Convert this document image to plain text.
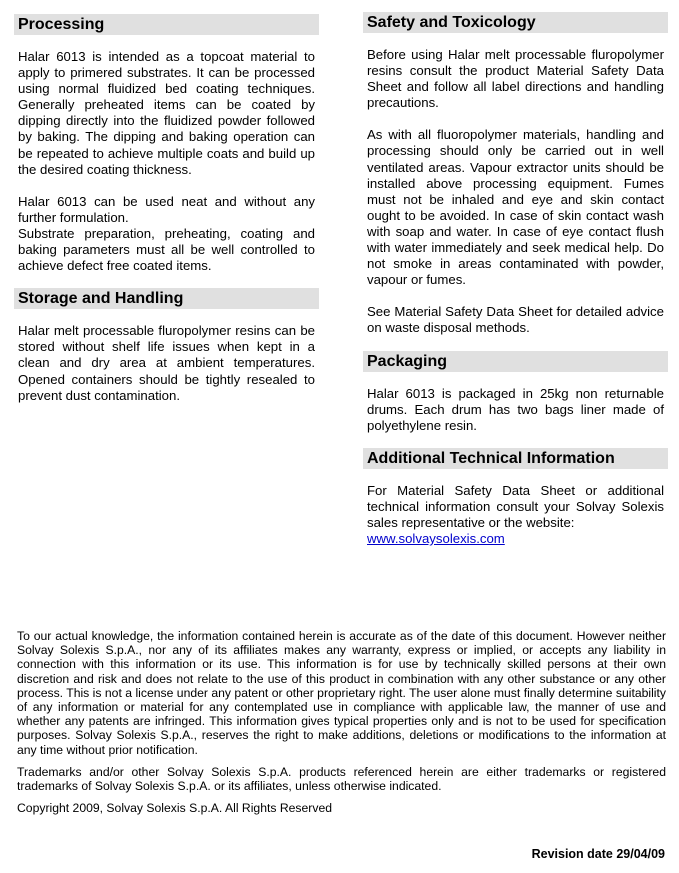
Processing

Halar 6013 is intended as a topcoat material to apply to primered substrates. It can be processed using normal fluidized bed coating techniques. Generally preheated items can be coated by dipping directly into the fluidized powder followed by baking. The dipping and baking operation can be repeated to achieve multiple coats and build up the desired coating thickness.

Halar 6013 can be used neat and without any further formulation.

Substrate preparation, preheating, coating and baking parameters must all be well controlled to achieve defect free coated items.

Storage and Handling

Halar melt processable fluropolymer resins can be stored without shelf life issues when kept in a clean and dry area at ambient temperatures. Opened containers should be tightly resealed to prevent dust contamination.

Safety and Toxicology

Before using Halar melt processable fluropolymer resins consult the product Material Safety Data Sheet and follow all label directions and handling precautions.

As with all fluoropolymer materials, handling and processing should only be carried out in well ventilated areas. Vapour extractor units should be installed above processing equipment. Fumes must not be inhaled and eye and skin contact ought to be avoided. In case of skin contact wash with soap and water. In case of eye contact flush with water immediately and seek medical help. Do not smoke in areas contaminated with powder, vapour or fumes.

See Material Safety Data Sheet for detailed advice on waste disposal methods.

Packaging

Halar 6013 is packaged in 25kg non returnable drums. Each drum has two bags liner made of polyethylene resin.

Additional Technical Information

For Material Safety Data Sheet or additional technical information consult your Solvay Solexis sales representative or the website:
www.solvaysolexis.com

To our actual knowledge, the information contained herein is accurate as of the date of this document. However neither Solvay Solexis S.p.A., nor any of its affiliates makes any warranty, express or implied, or accepts any liability in connection with this information or its use. This information is for use by technically skilled persons at their own discretion and risk and does not relate to the use of this product in combination with any other substance or any other process. This is not a license under any patent or other proprietary right. The user alone must finally determine suitability of any information or material for any contemplated use in compliance with applicable law, the manner of use and whether any patents are infringed. This information gives typical properties only and is not to be used for specification purposes. Solvay Solexis S.p.A., reserves the right to make additions, deletions or modifications to the information at any time without prior notification.

Trademarks and/or other Solvay Solexis S.p.A. products referenced herein are either trademarks or registered trademarks of Solvay Solexis S.p.A. or its affiliates, unless otherwise indicated.

Copyright 2009, Solvay Solexis S.p.A. All Rights Reserved

Revision date 29/04/09
